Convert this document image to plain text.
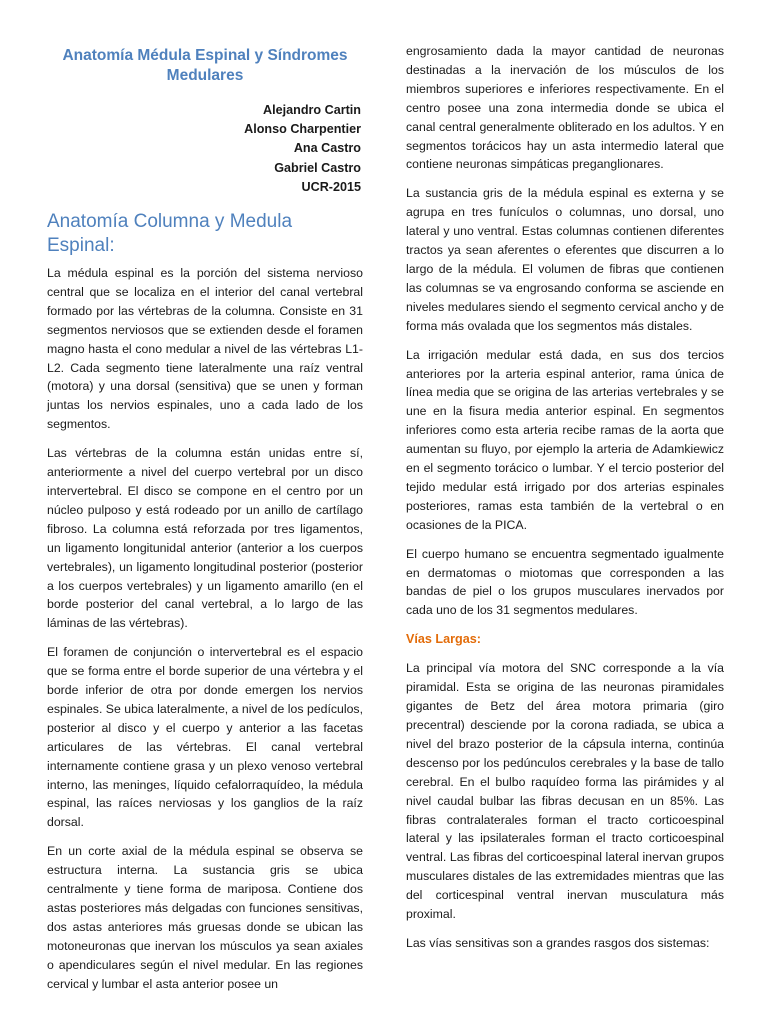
Anatomía Médula Espinal y Síndromes Medulares
Alejandro Cartin
Alonso Charpentier
Ana Castro
Gabriel Castro
UCR-2015
Anatomía Columna y Medula Espinal:

La médula espinal es la porción del sistema nervioso central que se localiza en el interior del canal vertebral formado por las vértebras de la columna. Consiste en 31 segmentos nerviosos que se extienden desde el foramen magno hasta el cono medular a nivel de las vértebras L1-L2. Cada segmento tiene lateralmente una raíz ventral (motora) y una dorsal (sensitiva) que se unen y forman juntas los nervios espinales, uno a cada lado de los segmentos.

Las vértebras de la columna están unidas entre sí, anteriormente a nivel del cuerpo vertebral por un disco intervertebral. El disco se compone en el centro por un núcleo pulposo y está rodeado por un anillo de cartílago fibroso. La columna está reforzada por tres ligamentos, un ligamento longitunidal anterior (anterior a los cuerpos vertebrales), un ligamento longitudinal posterior (posterior a los cuerpos vertebrales) y un ligamento amarillo (en el borde posterior del canal vertebral, a lo largo de las láminas de las vértebras).

El foramen de conjunción o intervertebral es el espacio que se forma entre el borde superior de una vértebra y el borde inferior de otra por donde emergen los nervios espinales. Se ubica lateralmente, a nivel de los pedículos, posterior al disco y el cuerpo y anterior a las facetas articulares de las vértebras. El canal vertebral internamente contiene grasa y un plexo venoso vertebral interno, las meninges, líquido cefalorraquídeo, la médula espinal, las raíces nerviosas y los ganglios de la raíz dorsal.

En un corte axial de la médula espinal se observa se estructura interna. La sustancia gris se ubica centralmente y tiene forma de mariposa. Contiene dos astas posteriores más delgadas con funciones sensitivas, dos astas anteriores más gruesas donde se ubican las motoneuronas que inervan los músculos ya sean axiales o apendiculares según el nivel medular. En las regiones cervical y lumbar el asta anterior posee un

engrosamiento dada la mayor cantidad de neuronas destinadas a la inervación de los músculos de los miembros superiores e inferiores respectivamente. En el centro posee una zona intermedia donde se ubica el canal central generalmente obliterado en los adultos. Y en segmentos torácicos hay un asta intermedio lateral que contiene neuronas simpáticas preganglionares.

La sustancia gris de la médula espinal es externa y se agrupa en tres funículos o columnas, uno dorsal, uno lateral y uno ventral. Estas columnas contienen diferentes tractos ya sean aferentes o eferentes que discurren a lo largo de la médula. El volumen de fibras que contienen las columnas se va engrosando conforma se asciende en niveles medulares siendo el segmento cervical ancho y de forma más ovalada que los segmentos más distales.

La irrigación medular está dada, en sus dos tercios anteriores por la arteria espinal anterior, rama única de línea media que se origina de las arterias vertebrales y se une en la fisura media anterior espinal. En segmentos inferiores como esta arteria recibe ramas de la aorta que aumentan su fluyo, por ejemplo la arteria de Adamkiewicz en el segmento torácico o lumbar. Y el tercio posterior del tejido medular está irrigado por dos arterias espinales posteriores, ramas esta también de la vertebral o en ocasiones de la PICA.

El cuerpo humano se encuentra segmentado igualmente en dermatomas o miotomas que corresponden a las bandas de piel o los grupos musculares inervados por cada uno de los 31 segmentos medulares.

Vías Largas:

La principal vía motora del SNC corresponde a la vía piramidal. Esta se origina de las neuronas piramidales gigantes de Betz del área motora primaria (giro precentral) desciende por la corona radiada, se ubica a nivel del brazo posterior de la cápsula interna, continúa descenso por los pedúnculos cerebrales y la base de tallo cerebral. En el bulbo raquídeo forma las pirámides y al nivel caudal bulbar las fibras decusan en un 85%. Las fibras contralaterales forman el tracto corticoespinal lateral y las ipsilaterales forman el tracto corticoespinal ventral. Las fibras del corticoespinal lateral inervan grupos musculares distales de las extremidades mientras que las del corticespinal ventral inervan musculatura más proximal.

Las vías sensitivas son a grandes rasgos dos sistemas:
